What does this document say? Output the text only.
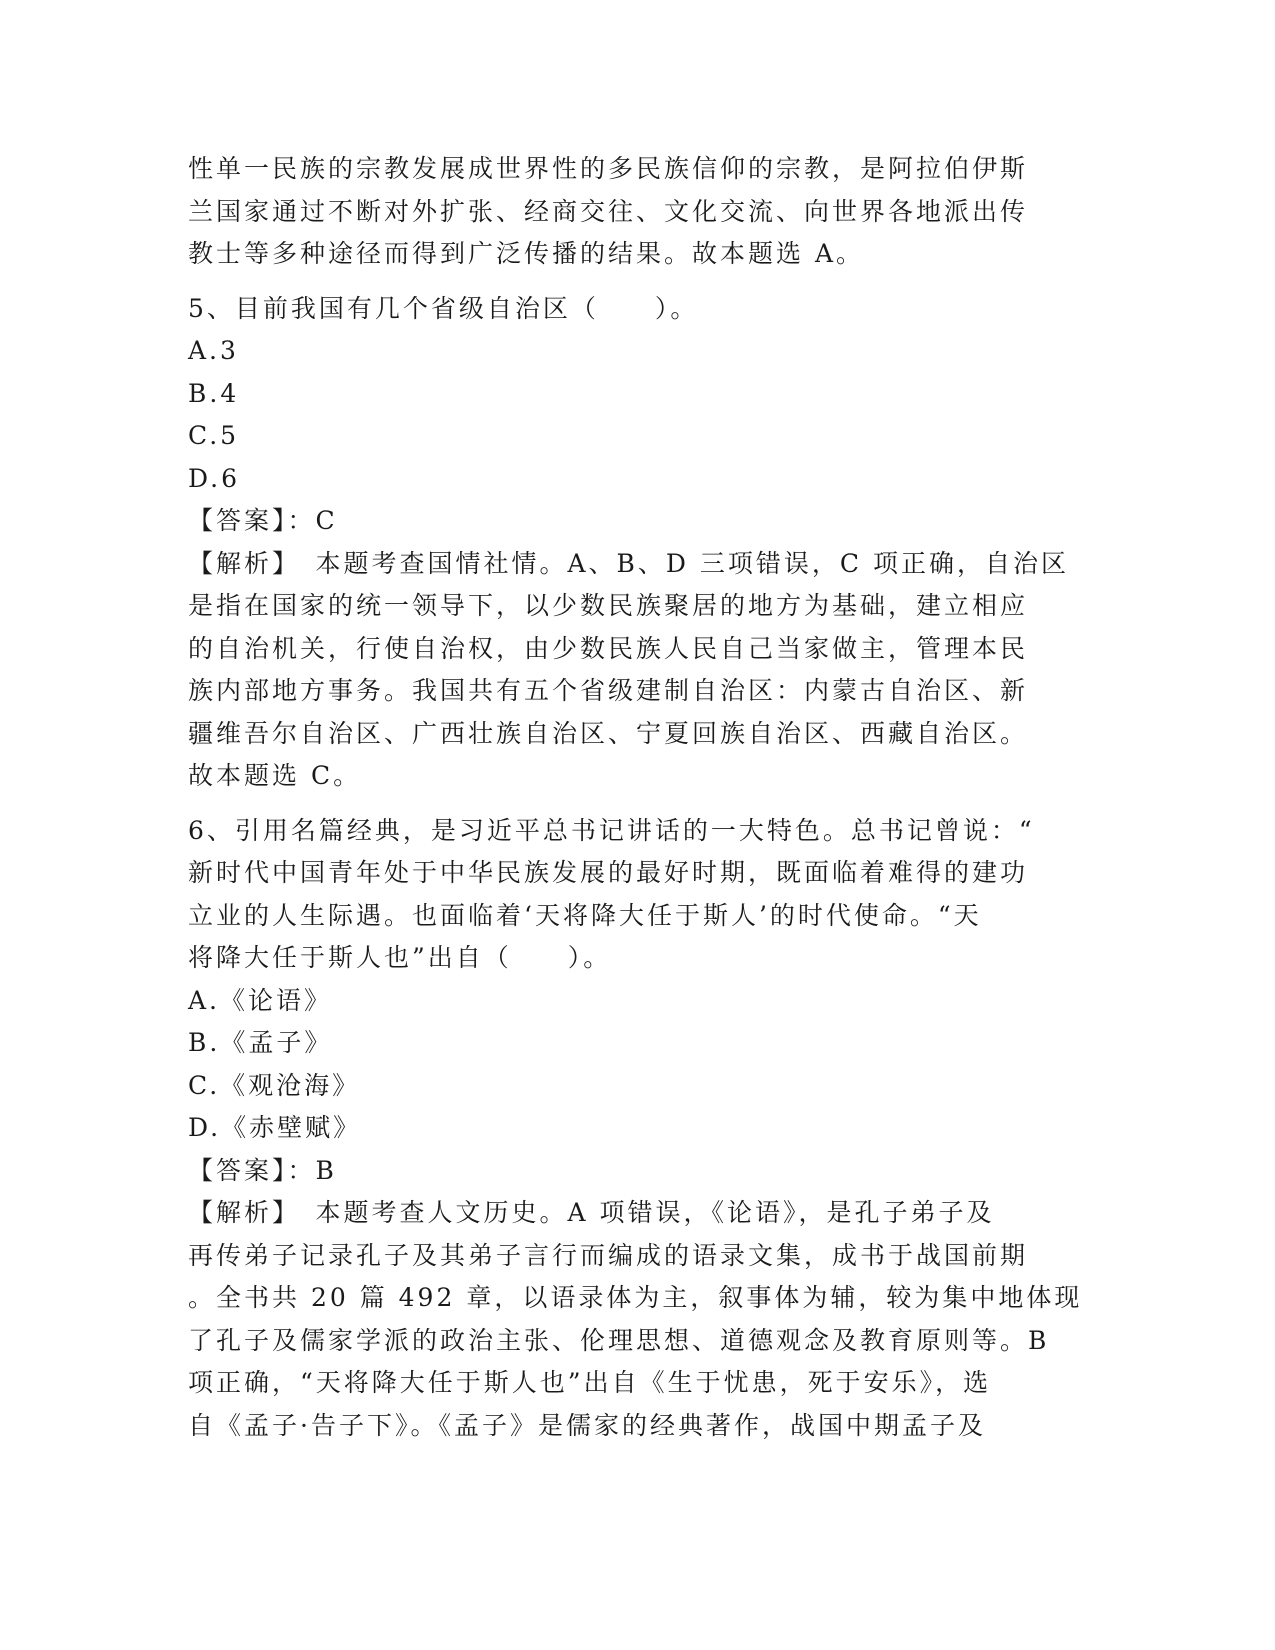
性单一民族的宗教发展成世界性的多民族信仰的宗教，是阿拉伯伊斯
兰国家通过不断对外扩张、经商交往、文化交流、向世界各地派出传
教士等多种途径而得到广泛传播的结果。故本题选 A。
5、目前我国有几个省级自治区（　　）。
A.3
B.4
C.5
D.6
【答案】：C
【解析】　本题考查国情社情。A、B、D 三项错误，C 项正确，自治区
是指在国家的统一领导下，以少数民族聚居的地方为基础，建立相应
的自治机关，行使自治权，由少数民族人民自己当家做主，管理本民
族内部地方事务。我国共有五个省级建制自治区：内蒙古自治区、新
疆维吾尔自治区、广西壮族自治区、宁夏回族自治区、西藏自治区。
故本题选 C。
6、引用名篇经典，是习近平总书记讲话的一大特色。总书记曾说：“
新时代中国青年处于中华民族发展的最好时期，既面临着难得的建功
立业的人生际遇。也面临着‘天将降大任于斯人’的时代使命。“天
将降大任于斯人也”出自（　　）。
A.《论语》
B.《孟子》
C.《观沧海》
D.《赤壁赋》
【答案】：B
【解析】　本题考查人文历史。A 项错误，《论语》，是孔子弟子及
再传弟子记录孔子及其弟子言行而编成的语录文集，成书于战国前期
。全书共 20 篇 492 章，以语录体为主，叙事体为辅，较为集中地体现
了孔子及儒家学派的政治主张、伦理思想、道德观念及教育原则等。B
项正确，“天将降大任于斯人也”出自《生于忧患，死于安乐》，选
自《孟子·告子下》。《孟子》是儒家的经典著作，战国中期孟子及
